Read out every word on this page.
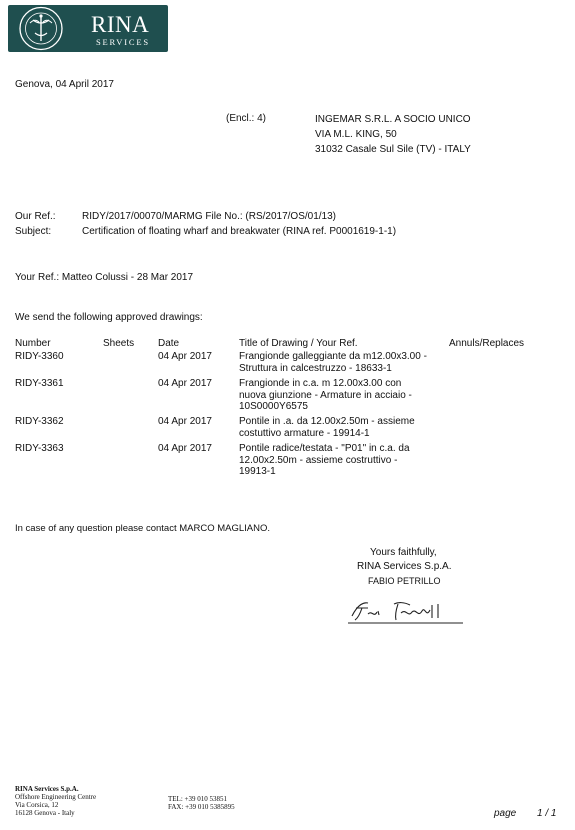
RINA
SERVICES
Genova, 04 April 2017
(Encl.: 4)	INGEMAR S.R.L. A SOCIO UNICO
VIA M.L. KING, 50
31032 Casale Sul Sile (TV) - ITALY
Our Ref.:	RIDY/2017/00070/MARMG File No.: (RS/2017/OS/01/13)
Subject:	Certification of floating wharf and breakwater (RINA ref. P0001619-1-1)
Your Ref.: Matteo Colussi - 28 Mar 2017
We send the following approved drawings:
Number	Sheets	Date	Title of Drawing / Your Ref.	Annuls/Replaces
RIDY-3360		04 Apr 2017	Frangionde galleggiante da m12.00x3.00 -
Struttura in calcestruzzo - 18633-1	

RIDY-3361		04 Apr 2017	Frangionde in c.a. m 12.00x3.00 con
nuova giunzione - Armature in acciaio -
10S0000Y6575	

RIDY-3362		04 Apr 2017	Pontile in .a. da 12.00x2.50m - assieme
costuttivo armature - 19914-1	

RIDY-3363		04 Apr 2017	Pontile radice/testata - "P01" in c.a. da
12.00x2.50m - assieme costruttivo -
19913-1	

In case of any question please contact MARCO MAGLIANO.
Yours faithfully,
RINA Services S.p.A.
FABIO PETRILLO
RINA Services S.p.A.
Offshore Engineering Centre
Via Corsica, 12
16128 Genova - Italy
TEL: +39 010 53851
FAX: +39 010 5385895
page 1 / 1
